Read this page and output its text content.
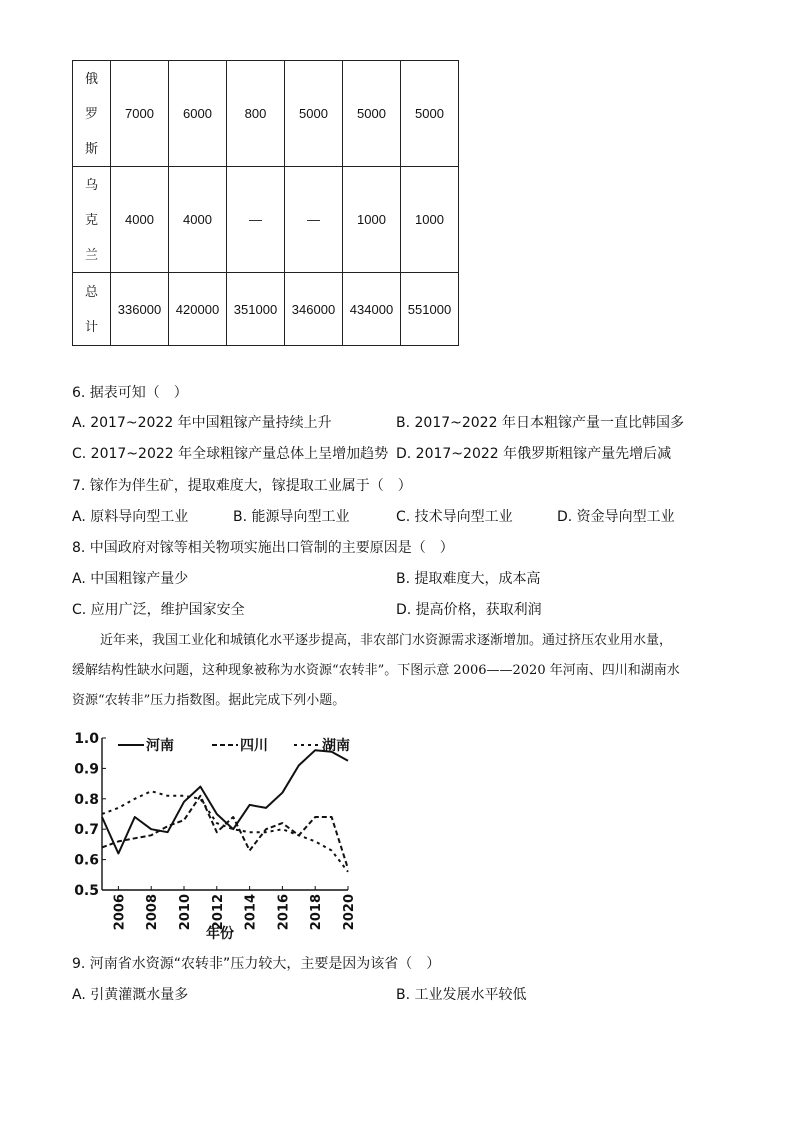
俄
罗
斯	7000	6000	800	5000	5000	5000

乌
克
兰	4000	4000	—	—	1000	1000

总
计	336000	420000	351000	346000	434000	551000
6. 据表可知（　）
A. 2017~2022 年中国粗镓产量持续上升	B. 2017~2022 年日本粗镓产量一直比韩国多
C. 2017~2022 年全球粗镓产量总体上呈增加趋势 D. 2017~2022 年俄罗斯粗镓产量先增后减
7. 镓作为伴生矿，提取难度大，镓提取工业属于（　）
A. 原料导向型工业	B. 能源导向型工业	C. 技术导向型工业	D. 资金导向型工业
8. 中国政府对镓等相关物项实施出口管制的主要原因是（　）
A. 中国粗镓产量少	B. 提取难度大，成本高
C. 应用广泛，维护国家安全	D. 提高价格，获取利润

近年来，我国工业化和城镇化水平逐步提高，非农部门水资源需求逐渐增加。通过挤压农业用水量，

缓解结构性缺水问题，这种现象被称为水资源“农转非”。下图示意 2006——2020 年河南、四川和湖南水

资源“农转非”压力指数图。据此完成下列小题。

1.0
0.9
0.8
0.7
0.6
0.5
2006 2008 2010 2012 2014 2016 2018 2020
河南	四川	湖南
年份
9. 河南省水资源“农转非”压力较大，主要是因为该省（　）
A. 引黄灌溉水量多	B. 工业发展水平较低
